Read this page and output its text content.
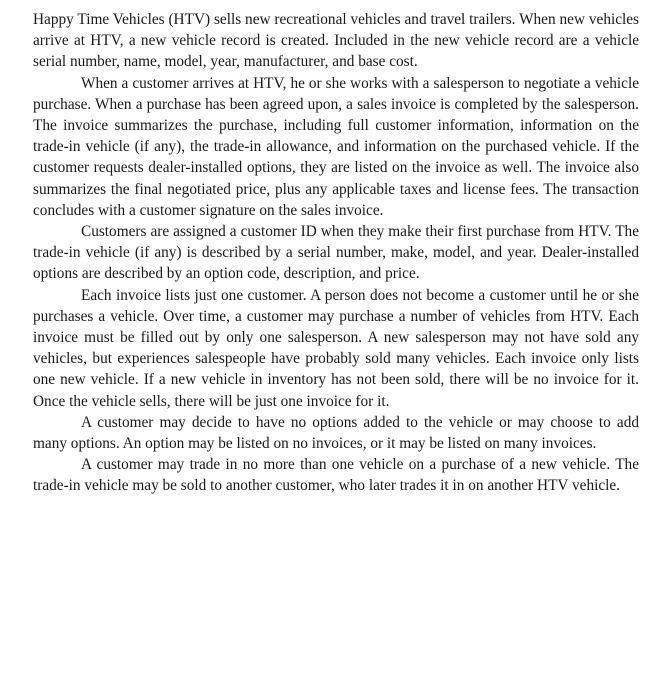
Happy Time Vehicles (HTV) sells new recreational vehicles and travel trailers. When new vehicles arrive at HTV, a new vehicle record is created. Included in the new vehicle record are a vehicle serial number, name, model, year, manufacturer, and base cost.

When a customer arrives at HTV, he or she works with a salesperson to negotiate a vehicle purchase. When a purchase has been agreed upon, a sales invoice is completed by the salesperson. The invoice summarizes the purchase, including full customer information, information on the trade-in vehicle (if any), the trade-in allowance, and information on the purchased vehicle. If the customer requests dealer-installed options, they are listed on the invoice as well. The invoice also summarizes the final negotiated price, plus any applicable taxes and license fees. The transaction concludes with a customer signature on the sales invoice.

Customers are assigned a customer ID when they make their first purchase from HTV. The trade-in vehicle (if any) is described by a serial number, make, model, and year. Dealer-installed options are described by an option code, description, and price.

Each invoice lists just one customer. A person does not become a customer until he or she purchases a vehicle. Over time, a customer may purchase a number of vehicles from HTV. Each invoice must be filled out by only one salesperson. A new salesperson may not have sold any vehicles, but experiences salespeople have probably sold many vehicles. Each invoice only lists one new vehicle. If a new vehicle in inventory has not been sold, there will be no invoice for it. Once the vehicle sells, there will be just one invoice for it.

A customer may decide to have no options added to the vehicle or may choose to add many options. An option may be listed on no invoices, or it may be listed on many invoices.

A customer may trade in no more than one vehicle on a purchase of a new vehicle. The trade-in vehicle may be sold to another customer, who later trades it in on another HTV vehicle.
